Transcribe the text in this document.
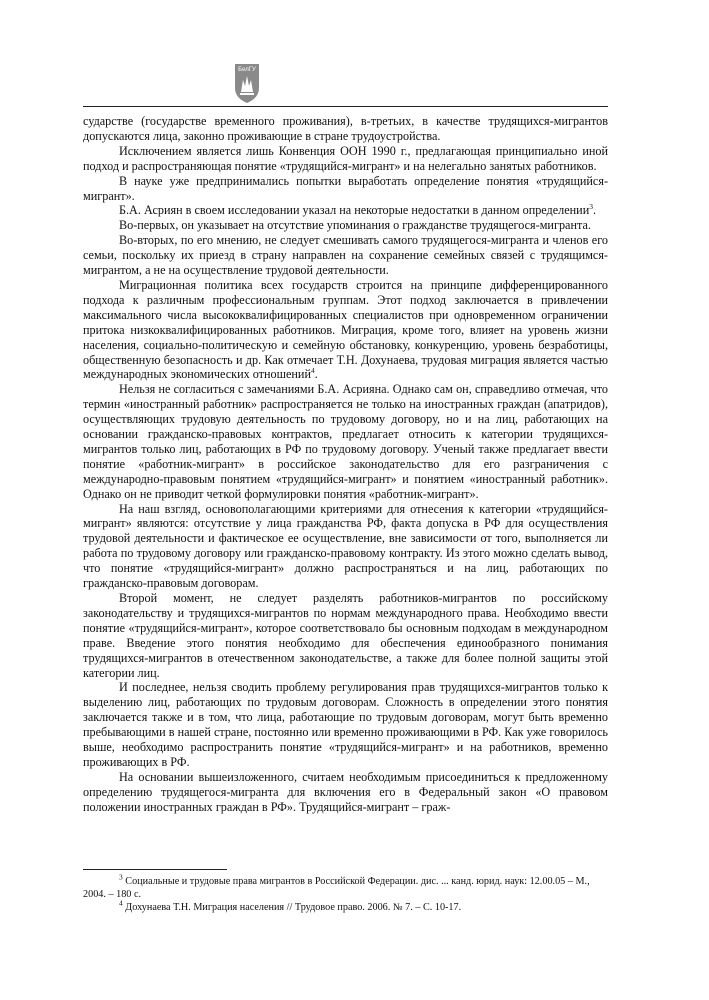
БелГУ

сударстве (государстве временного проживания), в-третьих, в качестве трудящихся-мигрантов допускаются лица, законно проживающие в стране трудоустройства.

Исключением является лишь Конвенция ООН 1990 г., предлагающая принципиально иной подход и распространяющая понятие «трудящийся-мигрант» и на нелегально занятых работников.

В науке уже предпринимались попытки выработать определение понятия «трудящийся-мигрант».

Б.А. Асриян в своем исследовании указал на некоторые недостатки в данном определении$^3$.

Во-первых, он указывает на отсутствие упоминания о гражданстве трудящегося-мигранта.

Во-вторых, по его мнению, не следует смешивать самого трудящегося-мигранта и членов его семьи, поскольку их приезд в страну направлен на сохранение семейных связей с трудящимся-мигрантом, а не на осуществление трудовой деятельности.

Миграционная политика всех государств строится на принципе дифференцированного подхода к различным профессиональным группам. Этот подход заключается в привлечении максимального числа высококвалифицированных специалистов при одновременном ограничении притока низкоквалифицированных работников. Миграция, кроме того, влияет на уровень жизни населения, социально-политическую и семейную обстановку, конкуренцию, уровень безработицы, общественную безопасность и др. Как отмечает Т.Н. Дохунаева, трудовая миграция является частью международных экономических отношений$^4$.

Нельзя не согласиться с замечаниями Б.А. Асрияна. Однако сам он, справедливо отмечая, что термин «иностранный работник» распространяется не только на иностранных граждан (апатридов), осуществляющих трудовую деятельность по трудовому договору, но и на лиц, работающих на основании гражданско-правовых контрактов, предлагает относить к категории трудящихся-мигрантов только лиц, работающих в РФ по трудовому договору. Ученый также предлагает ввести понятие «работник-мигрант» в российское законодательство для его разграничения с международно-правовым понятием «трудящийся-мигрант» и понятием «иностранный работник». Однако он не приводит четкой формулировки понятия «работник-мигрант».

На наш взгляд, основополагающими критериями для отнесения к категории «трудящийся-мигрант» являются: отсутствие у лица гражданства РФ, факта допуска в РФ для осуществления трудовой деятельности и фактическое ее осуществление, вне зависимости от того, выполняется ли работа по трудовому договору или гражданско-правовому контракту. Из этого можно сделать вывод, что понятие «трудящийся-мигрант» должно распространяться и на лиц, работающих по гражданско-правовым договорам.

Второй момент, не следует разделять работников-мигрантов по российскому законодательству и трудящихся-мигрантов по нормам международного права. Необходимо ввести понятие «трудящийся-мигрант», которое соответствовало бы основным подходам в международном праве. Введение этого понятия необходимо для обеспечения единообразного понимания трудящихся-мигрантов в отечественном законодательстве, а также для более полной защиты этой категории лиц.

И последнее, нельзя сводить проблему регулирования прав трудящихся-мигрантов только к выделению лиц, работающих по трудовым договорам. Сложность в определении этого понятия заключается также и в том, что лица, работающие по трудовым договорам, могут быть временно пребывающими в нашей стране, постоянно или временно проживающими в РФ. Как уже говорилось выше, необходимо распространить понятие «трудящийся-мигрант» и на работников, временно проживающих в РФ.

На основании вышеизложенного, считаем необходимым присоединиться к предложенному определению трудящегося-мигранта для включения его в Федеральный закон «О правовом положении иностранных граждан в РФ». Трудящийся-мигрант – граж-

$^3$ Социальные и трудовые права мигрантов в Российской Федерации. дис. ... канд. юрид. наук: 12.00.05 – М., 2004. – 180 с.

$^4$ Дохунаева Т.Н. Миграция населения // Трудовое право. 2006. № 7. – С. 10-17.
